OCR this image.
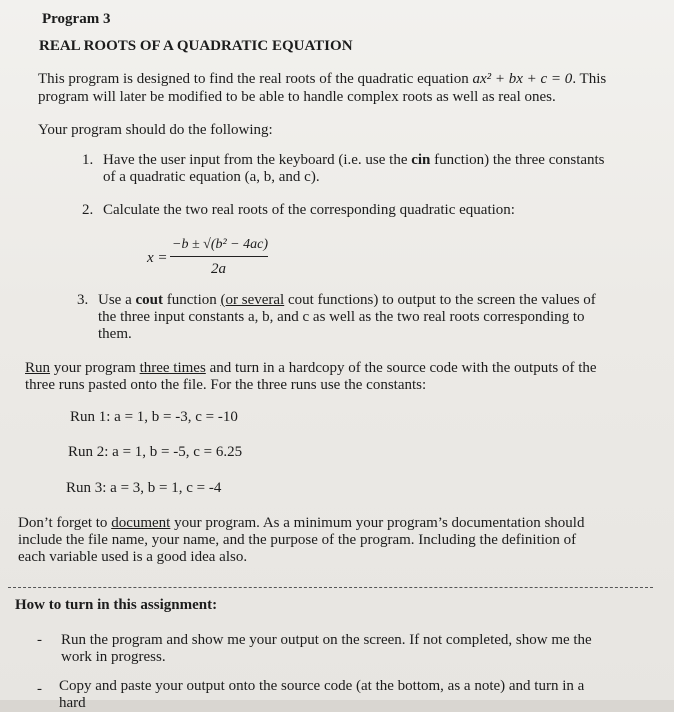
Program 3
REAL ROOTS OF A QUADRATIC EQUATION
This program is designed to find the real roots of the quadratic equation ax² + bx + c = 0. This
program will later be modified to be able to handle complex roots as well as real ones.
Your program should do the following:
1. Have the user input from the keyboard (i.e. use the cin function) the three constants
of a quadratic equation (a, b, and c).
2. Calculate the two real roots of the corresponding quadratic equation:
x =
−b ± √(b² − 4ac)
2a
3. Use a cout function (or several cout functions) to output to the screen the values of
the three input constants a, b, and c as well as the two real roots corresponding to
them.
Run your program three times and turn in a hardcopy of the source code with the outputs of the
three runs pasted onto the file. For the three runs use the constants:
Run 1: a = 1, b = -3, c = -10
Run 2: a = 1, b = -5, c = 6.25
Run 3: a = 3, b = 1, c = -4
Don’t forget to document your program. As a minimum your program’s documentation should
include the file name, your name, and the purpose of the program. Including the definition of
each variable used is a good idea also.
How to turn in this assignment:
- Run the program and show me your output on the screen. If not completed, show me the
work in progress.
- Copy and paste your output onto the source code (at the bottom, as a note) and turn in a
hard
